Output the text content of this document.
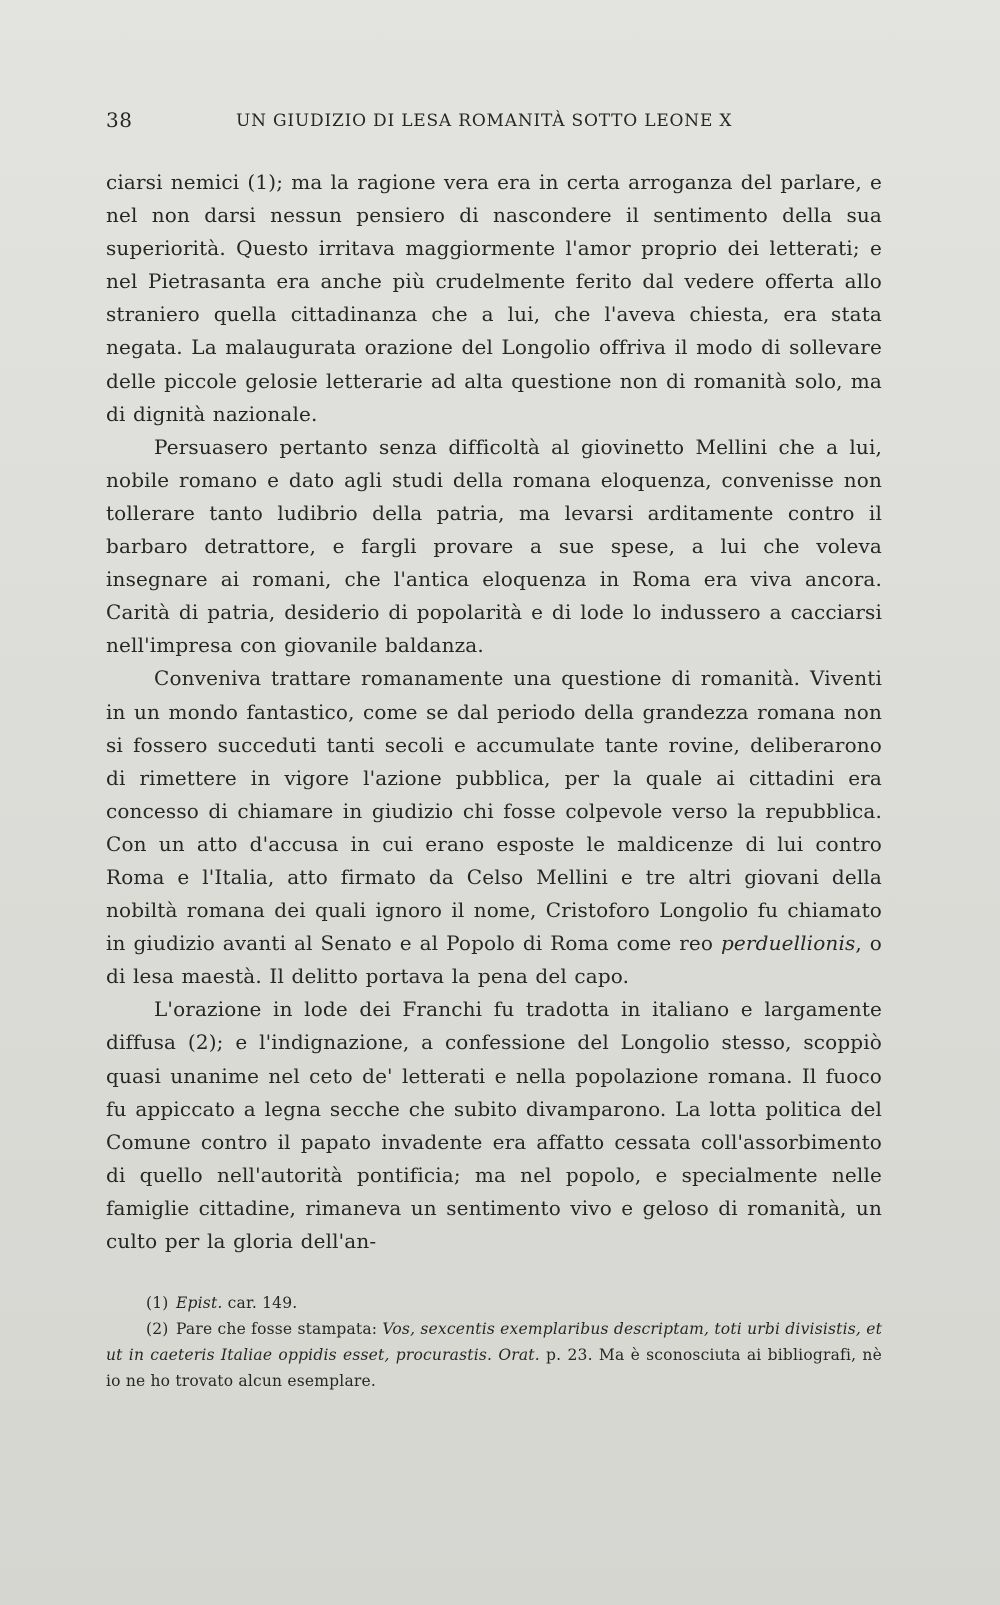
38	UN GIUDIZIO DI LESA ROMANITÀ SOTTO LEONE X

ciarsi nemici (1); ma la ragione vera era in certa arroganza del parlare, e nel non darsi nessun pensiero di nascondere il sentimento della sua superiorità. Questo irritava maggiormente l'amor proprio dei letterati; e nel Pietrasanta era anche più crudelmente ferito dal vedere offerta allo straniero quella cittadinanza che a lui, che l'aveva chiesta, era stata negata. La malaugurata orazione del Longolio offriva il modo di sollevare delle piccole gelosie letterarie ad alta questione non di romanità solo, ma di dignità nazionale.

Persuasero pertanto senza difficoltà al giovinetto Mellini che a lui, nobile romano e dato agli studi della romana eloquenza, convenisse non tollerare tanto ludibrio della patria, ma levarsi arditamente contro il barbaro detrattore, e fargli provare a sue spese, a lui che voleva insegnare ai romani, che l'antica eloquenza in Roma era viva ancora. Carità di patria, desiderio di popolarità e di lode lo indussero a cacciarsi nell'impresa con giovanile baldanza.

Conveniva trattare romanamente una questione di romanità. Viventi in un mondo fantastico, come se dal periodo della grandezza romana non si fossero succeduti tanti secoli e accumulate tante rovine, deliberarono di rimettere in vigore l'azione pubblica, per la quale ai cittadini era concesso di chiamare in giudizio chi fosse colpevole verso la repubblica. Con un atto d'accusa in cui erano esposte le maldicenze di lui contro Roma e l'Italia, atto firmato da Celso Mellini e tre altri giovani della nobiltà romana dei quali ignoro il nome, Cristoforo Longolio fu chiamato in giudizio avanti al Senato e al Popolo di Roma come reo perduellionis, o di lesa maestà. Il delitto portava la pena del capo.

L'orazione in lode dei Franchi fu tradotta in italiano e largamente diffusa (2); e l'indignazione, a confessione del Longolio stesso, scoppiò quasi unanime nel ceto de' letterati e nella popolazione romana. Il fuoco fu appiccato a legna secche che subito divamparono. La lotta politica del Comune contro il papato invadente era affatto cessata coll'assorbimento di quello nell'autorità pontificia; ma nel popolo, e specialmente nelle famiglie cittadine, rimaneva un sentimento vivo e geloso di romanità, un culto per la gloria dell'an-

(1) Epist. car. 149.

(2) Pare che fosse stampata: Vos, sexcentis exemplaribus descriptam, toti urbi divisistis, et ut in caeteris Italiae oppidis esset, procurastis. Orat. p. 23. Ma è sconosciuta ai bibliografi, nè io ne ho trovato alcun esemplare.
